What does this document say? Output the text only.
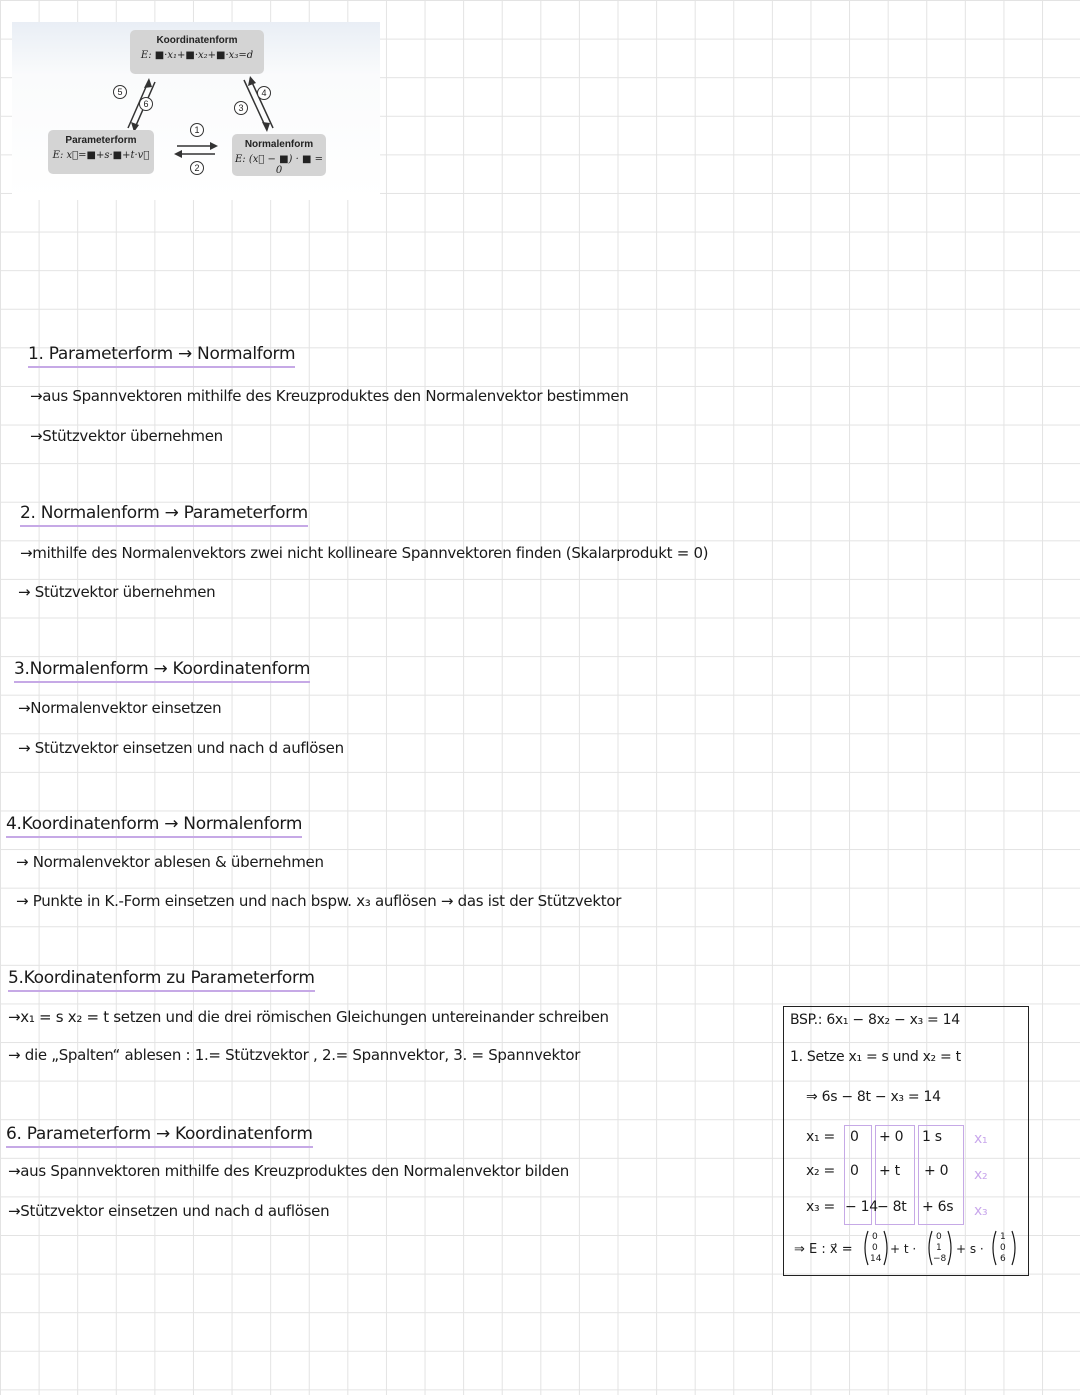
5
6	3
4
1
2
Koordinatenform
E: ■·x₁+■·x₂+■·x₃=d
Parameterform
E: x⃗=■+s·■+t·v⃗
Normalenform
E: (x⃗ − ■) · ■ = 0
1. Parameterform → Normalform
→aus Spannvektoren mithilfe des Kreuzproduktes den Normalenvektor bestimmen
→Stützvektor übernehmen
2. Normalenform → Parameterform
→mithilfe des Normalenvektors zwei nicht kollineare Spannvektoren finden (Skalarprodukt = 0)
→ Stützvektor übernehmen
3.Normalenform → Koordinatenform
→Normalenvektor einsetzen
→ Stützvektor einsetzen und nach d auflösen
4.Koordinatenform → Normalenform
→ Normalenvektor ablesen & übernehmen
→ Punkte in K.-Form einsetzen und nach bspw. x₃ auflösen → das ist der Stützvektor
5.Koordinatenform zu Parameterform
→x₁ = s x₂ = t setzen und die drei römischen Gleichungen untereinander schreiben
→ die „Spalten“ ablesen : 1.= Stützvektor , 2.= Spannvektor, 3. = Spannvektor
6. Parameterform → Koordinatenform
→aus Spannvektoren mithilfe des Kreuzproduktes den Normalenvektor bilden
→Stützvektor einsetzen und nach d auflösen
BSP.: 6x₁ − 8x₂ − x₃ = 14
1. Setze x₁ = s und x₂ = t
⇒ 6s − 8t − x₃ = 14
x₁ = 0 + 0 1 s x₁
x₂ = 0 + t + 0 x₂
x₃ = − 14 − 8t + 6s x₃
⇒ E : x⃗ =
0
0
14
+ t ·
0
1
−8
+ s ·
1
0
6
